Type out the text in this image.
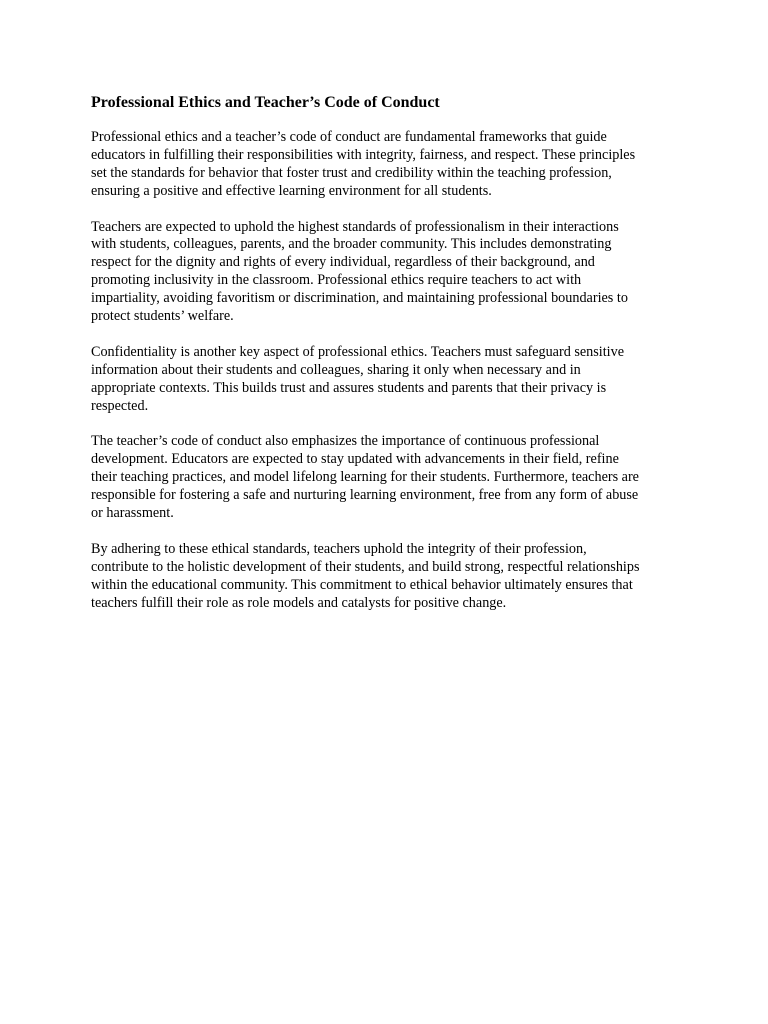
Professional Ethics and Teacher’s Code of Conduct
Professional ethics and a teacher’s code of conduct are fundamental frameworks that guide
educators in fulfilling their responsibilities with integrity, fairness, and respect. These principles
set the standards for behavior that foster trust and credibility within the teaching profession,
ensuring a positive and effective learning environment for all students.
Teachers are expected to uphold the highest standards of professionalism in their interactions
with students, colleagues, parents, and the broader community. This includes demonstrating
respect for the dignity and rights of every individual, regardless of their background, and
promoting inclusivity in the classroom. Professional ethics require teachers to act with
impartiality, avoiding favoritism or discrimination, and maintaining professional boundaries to
protect students’ welfare.
Confidentiality is another key aspect of professional ethics. Teachers must safeguard sensitive
information about their students and colleagues, sharing it only when necessary and in
appropriate contexts. This builds trust and assures students and parents that their privacy is
respected.
The teacher’s code of conduct also emphasizes the importance of continuous professional
development. Educators are expected to stay updated with advancements in their field, refine
their teaching practices, and model lifelong learning for their students. Furthermore, teachers are
responsible for fostering a safe and nurturing learning environment, free from any form of abuse
or harassment.
By adhering to these ethical standards, teachers uphold the integrity of their profession,
contribute to the holistic development of their students, and build strong, respectful relationships
within the educational community. This commitment to ethical behavior ultimately ensures that
teachers fulfill their role as role models and catalysts for positive change.
